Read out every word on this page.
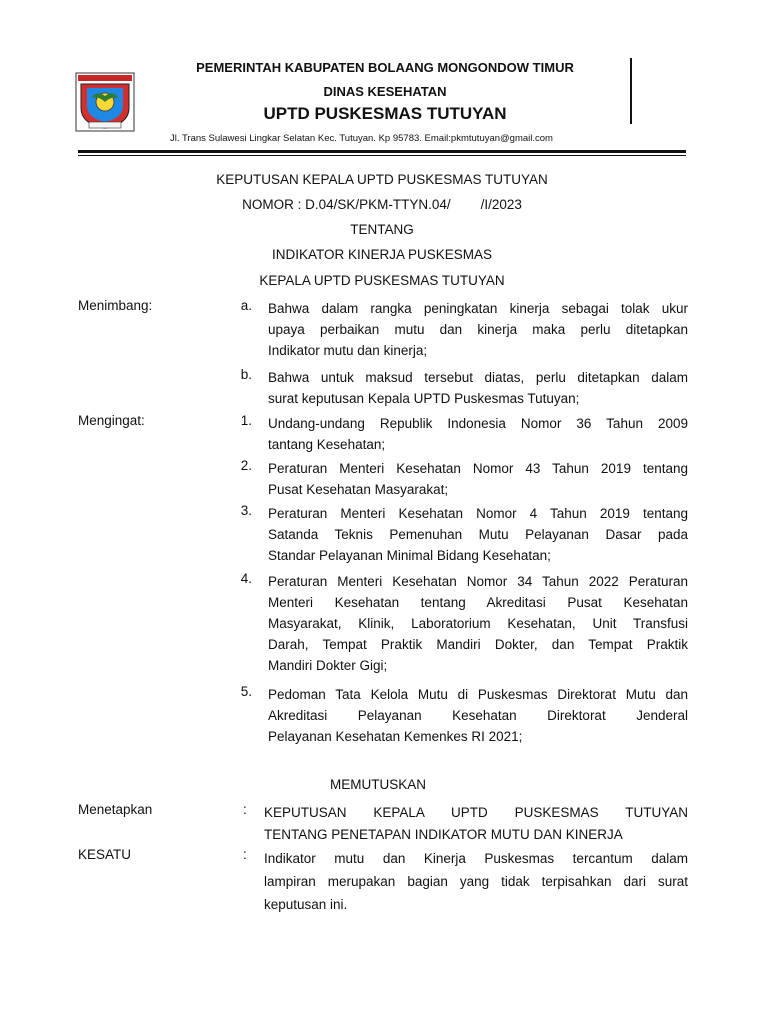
PEMERINTAH KABUPATEN BOLAANG MONGONDOW TIMUR
DINAS KESEHATAN
UPTD PUSKESMAS TUTUYAN
Jl. Trans Sulawesi Lingkar Selatan Kec. Tutuyan. Kp 95783. Email:pkmtutuyan@gmail.com
KEPUTUSAN KEPALA UPTD PUSKESMAS TUTUYAN
NOMOR : D.04/SK/PKM-TTYN.04/        /I/2023
TENTANG
INDIKATOR KINERJA PUSKESMAS
KEPALA UPTD PUSKESMAS TUTUYAN
Menimbang:	a. Bahwa dalam rangka peningkatan kinerja sebagai tolak ukur
upaya perbaikan mutu dan kinerja maka perlu ditetapkan
Indikator mutu dan kinerja;
b. Bahwa untuk maksud tersebut diatas, perlu ditetapkan dalam
surat keputusan Kepala UPTD Puskesmas Tutuyan;
Mengingat:	1. Undang-undang Republik Indonesia Nomor 36 Tahun 2009
tantang Kesehatan;
2. Peraturan Menteri Kesehatan Nomor 43 Tahun 2019 tentang
Pusat Kesehatan Masyarakat;
3. Peraturan Menteri Kesehatan Nomor 4 Tahun 2019 tentang
Satanda Teknis Pemenuhan Mutu Pelayanan Dasar pada
Standar Pelayanan Minimal Bidang Kesehatan;
4. Peraturan Menteri Kesehatan Nomor 34 Tahun 2022 Peraturan
Menteri Kesehatan tentang Akreditasi Pusat Kesehatan
Masyarakat, Klinik, Laboratorium Kesehatan, Unit Transfusi
Darah, Tempat Praktik Mandiri Dokter, dan Tempat Praktik
Mandiri Dokter Gigi;
5. Pedoman Tata Kelola Mutu di Puskesmas Direktorat Mutu dan
Akreditasi Pelayanan Kesehatan Direktorat Jenderal
Pelayanan Kesehatan Kemenkes RI 2021;
MEMUTUSKAN
Menetapkan	: KEPUTUSAN KEPALA UPTD PUSKESMAS TUTUYAN
TENTANG PENETAPAN INDIKATOR MUTU DAN KINERJA
KESATU	: Indikator mutu dan Kinerja Puskesmas tercantum dalam
lampiran merupakan bagian yang tidak terpisahkan dari surat
keputusan ini.
